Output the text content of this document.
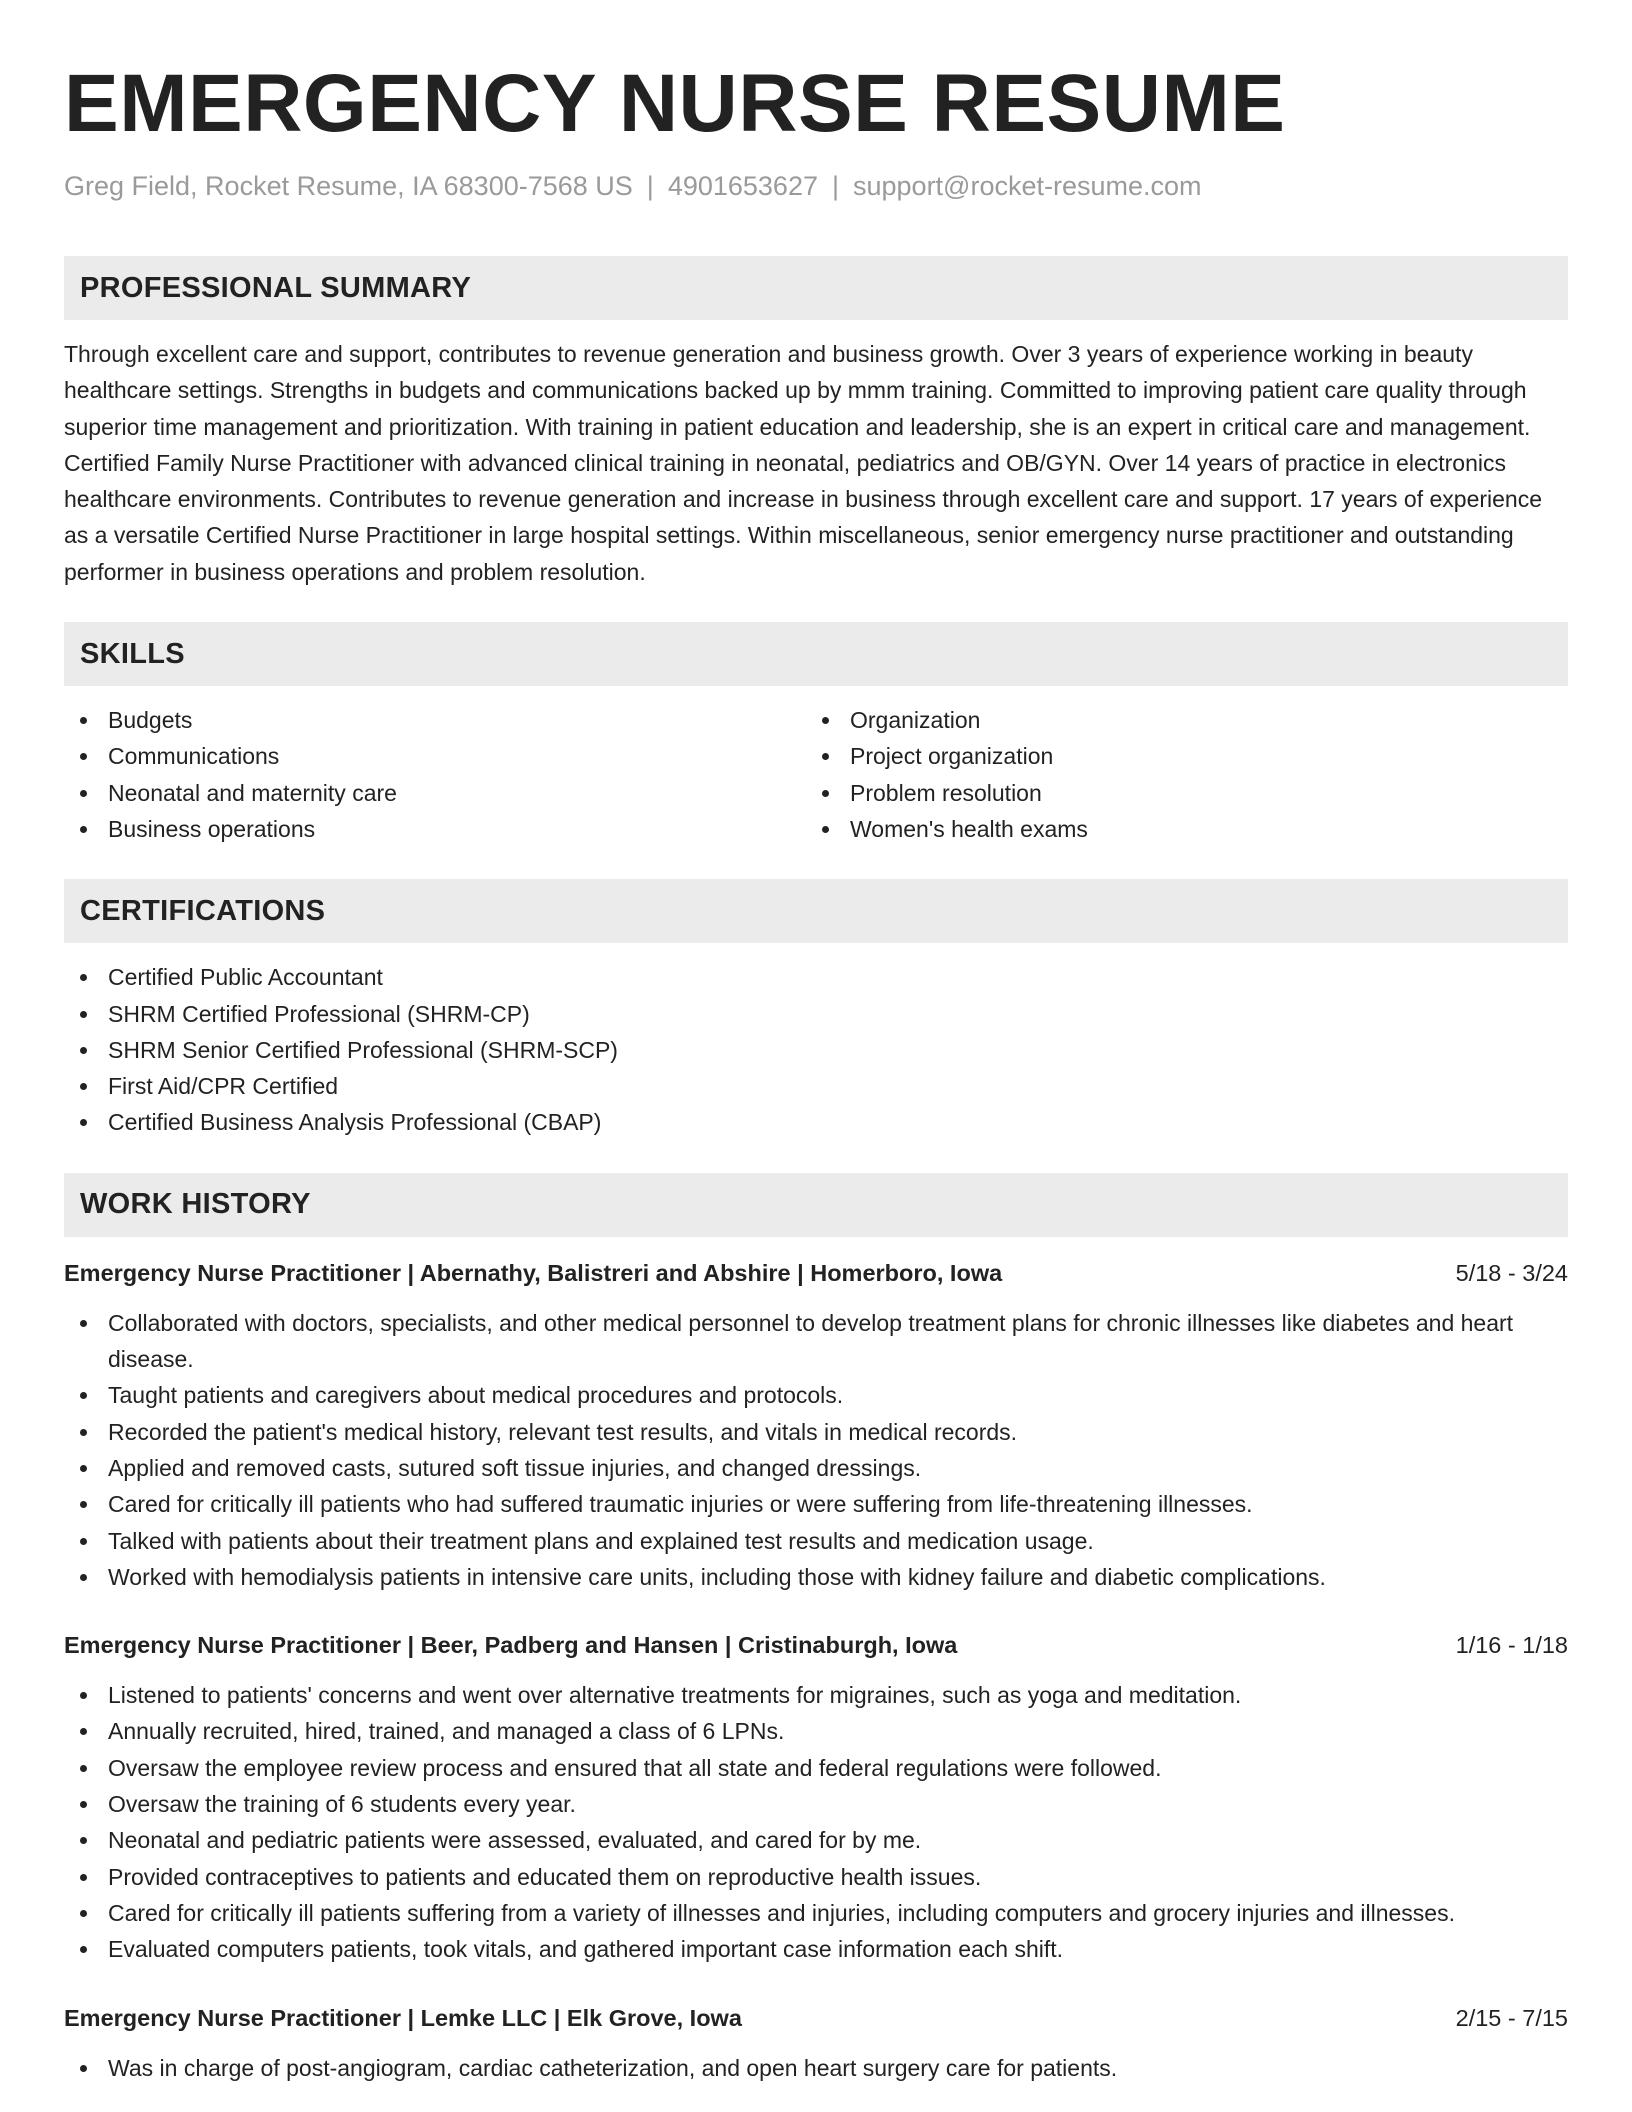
EMERGENCY NURSE RESUME
Greg Field, Rocket Resume, IA 68300-7568 US | 4901653627 | support@rocket-resume.com
PROFESSIONAL SUMMARY

Through excellent care and support, contributes to revenue generation and business growth. Over 3 years of experience working in beauty healthcare settings. Strengths in budgets and communications backed up by mmm training. Committed to improving patient care quality through superior time management and prioritization. With training in patient education and leadership, she is an expert in critical care and management. Certified Family Nurse Practitioner with advanced clinical training in neonatal, pediatrics and OB/GYN. Over 14 years of practice in electronics healthcare environments. Contributes to revenue generation and increase in business through excellent care and support. 17 years of experience as a versatile Certified Nurse Practitioner in large hospital settings. Within miscellaneous, senior emergency nurse practitioner and outstanding performer in business operations and problem resolution.

SKILLS
Budgets
Communications
Neonatal and maternity care
Business operations
Organization
Project organization
Problem resolution
Women's health exams
CERTIFICATIONS
Certified Public Accountant
SHRM Certified Professional (SHRM-CP)
SHRM Senior Certified Professional (SHRM-SCP)
First Aid/CPR Certified
Certified Business Analysis Professional (CBAP)
WORK HISTORY
Emergency Nurse Practitioner | Abernathy, Balistreri and Abshire | Homerboro, Iowa	5/18 - 3/24
Collaborated with doctors, specialists, and other medical personnel to develop treatment plans for chronic illnesses like diabetes and heart disease.
Taught patients and caregivers about medical procedures and protocols.
Recorded the patient's medical history, relevant test results, and vitals in medical records.
Applied and removed casts, sutured soft tissue injuries, and changed dressings.
Cared for critically ill patients who had suffered traumatic injuries or were suffering from life-threatening illnesses.
Talked with patients about their treatment plans and explained test results and medication usage.
Worked with hemodialysis patients in intensive care units, including those with kidney failure and diabetic complications.
Emergency Nurse Practitioner | Beer, Padberg and Hansen | Cristinaburgh, Iowa	1/16 - 1/18
Listened to patients' concerns and went over alternative treatments for migraines, such as yoga and meditation.
Annually recruited, hired, trained, and managed a class of 6 LPNs.
Oversaw the employee review process and ensured that all state and federal regulations were followed.
Oversaw the training of 6 students every year.
Neonatal and pediatric patients were assessed, evaluated, and cared for by me.
Provided contraceptives to patients and educated them on reproductive health issues.
Cared for critically ill patients suffering from a variety of illnesses and injuries, including computers and grocery injuries and illnesses.
Evaluated computers patients, took vitals, and gathered important case information each shift.
Emergency Nurse Practitioner | Lemke LLC | Elk Grove, Iowa	2/15 - 7/15
Was in charge of post-angiogram, cardiac catheterization, and open heart surgery care for patients.
